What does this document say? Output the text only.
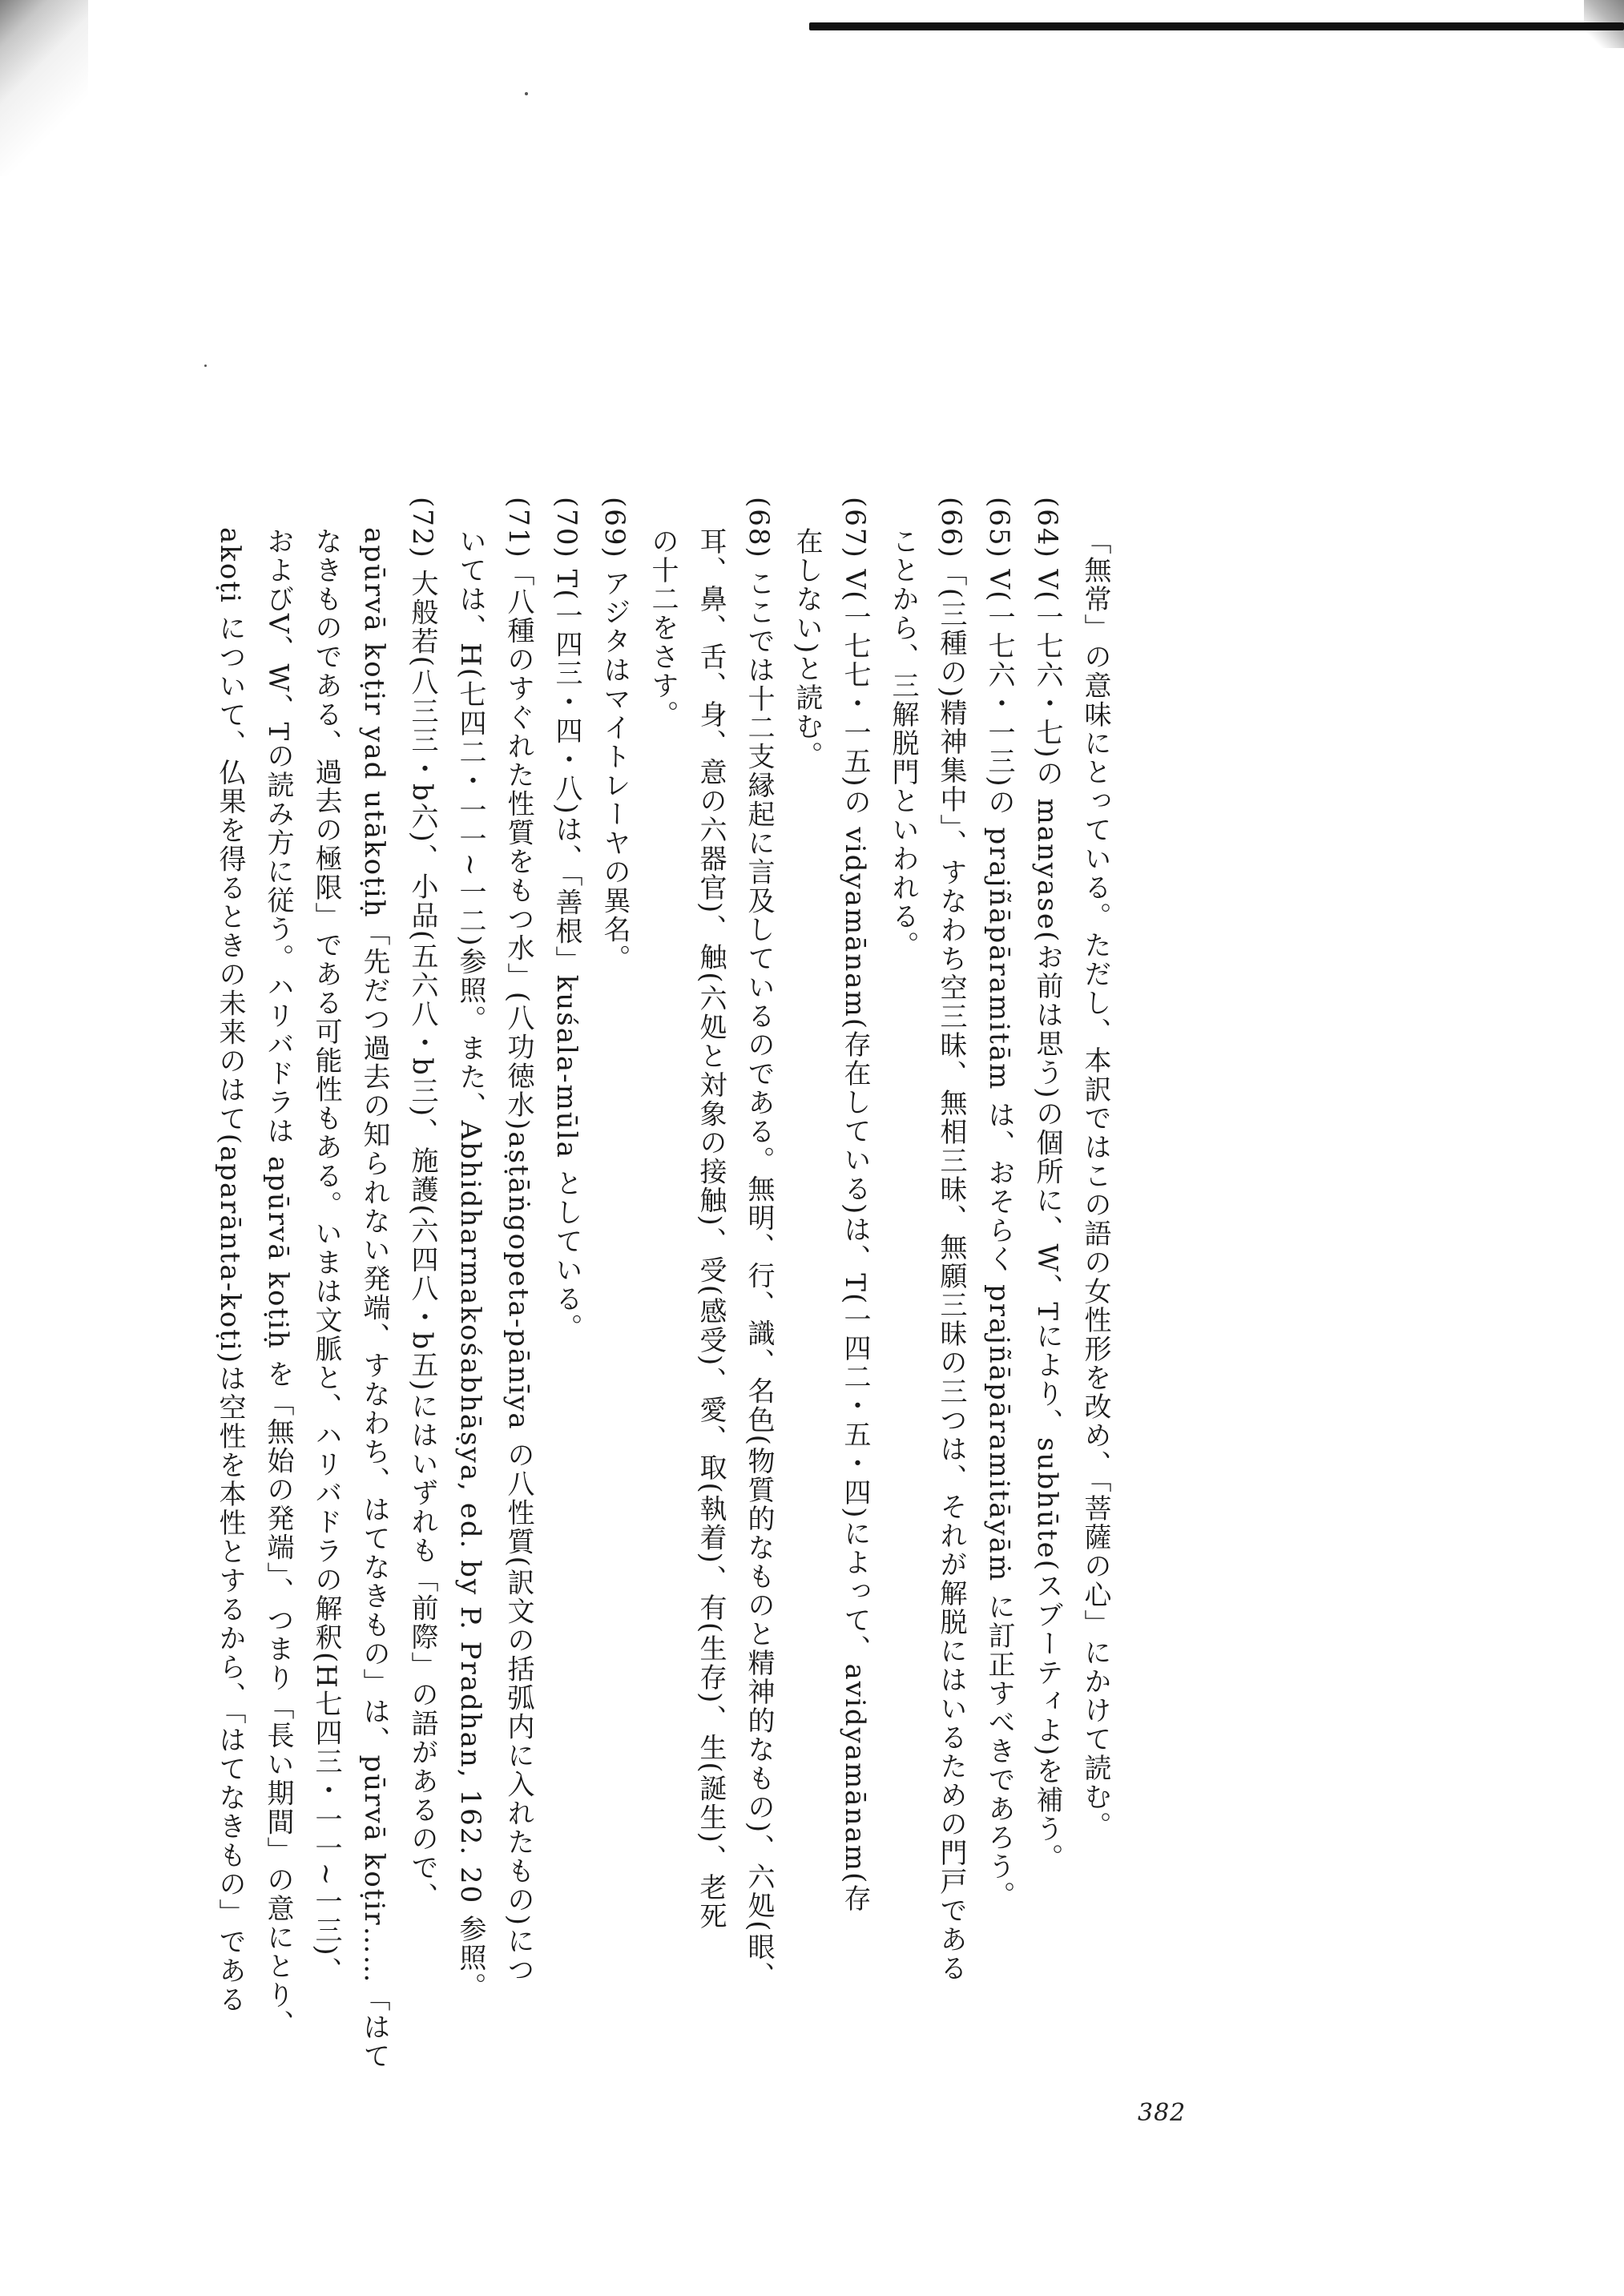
「無常」の意味にとっている。ただし、本訳ではこの語の女性形を改め、「菩薩の心」にかけて読む。
(64) V(一七六・七)の manyase(お前は思う)の個所に、W、Tにより、subhūte(スブーティよ)を補う。
(65) V(一七六・一三)の prajñāpāramitām は、おそらく prajñāpāramitāyāṁ に訂正すべきであろう。
(66)「(三種の)精神集中」、すなわち空三昧、無相三昧、無願三昧の三つは、それが解脱にはいるための門戸である
ことから、三解脱門といわれる。
(67) V(一七七・一五)の vidyamānam(存在している)は、T(一四二・五・四)によって、avidyamānam(存
在しない)と読む。
(68) ここでは十二支縁起に言及しているのである。無明、行、識、名色(物質的なものと精神的なもの)、六処(眼、
耳、鼻、舌、身、意の六器官)、触(六処と対象の接触)、受(感受)、愛、取(執着)、有(生存)、生(誕生)、老死
の十二をさす。
(69) アジタはマイトレーヤの異名。
(70) T(一四三・四・八)は、「善根」kuśala-mūla としている。
(71)「八種のすぐれた性質をもつ水」(八功徳水)aṣṭāṅgopeta-pānīya の八性質(訳文の括弧内に入れたもの)につ
いては、H(七四二・一一~一二)参照。また、Abhidharmakośabhāṣya, ed. by P. Pradhan, 162. 20 参照。
(72) 大般若(八三三・b六)、小品(五六八・b三)、施護(六四八・b五)にはいずれも「前際」の語があるので、
apūrvā koṭir yad utākoṭiḥ「先だつ過去の知られない発端、すなわち、はてなきもの」は、pūrvā koṭir……「はて
なきものである、過去の極限」である可能性もある。いまは文脈と、ハリバドラの解釈(H七四三・一一~一三)、
およびV、W、Tの読み方に従う。ハリバドラは apūrvā koṭiḥ を「無始の発端」、つまり「長い期間」の意にとり、
akoṭi について、仏果を得るときの未来のはて(aparānta-koṭi)は空性を本性とするから、「はてなきもの」である
382
